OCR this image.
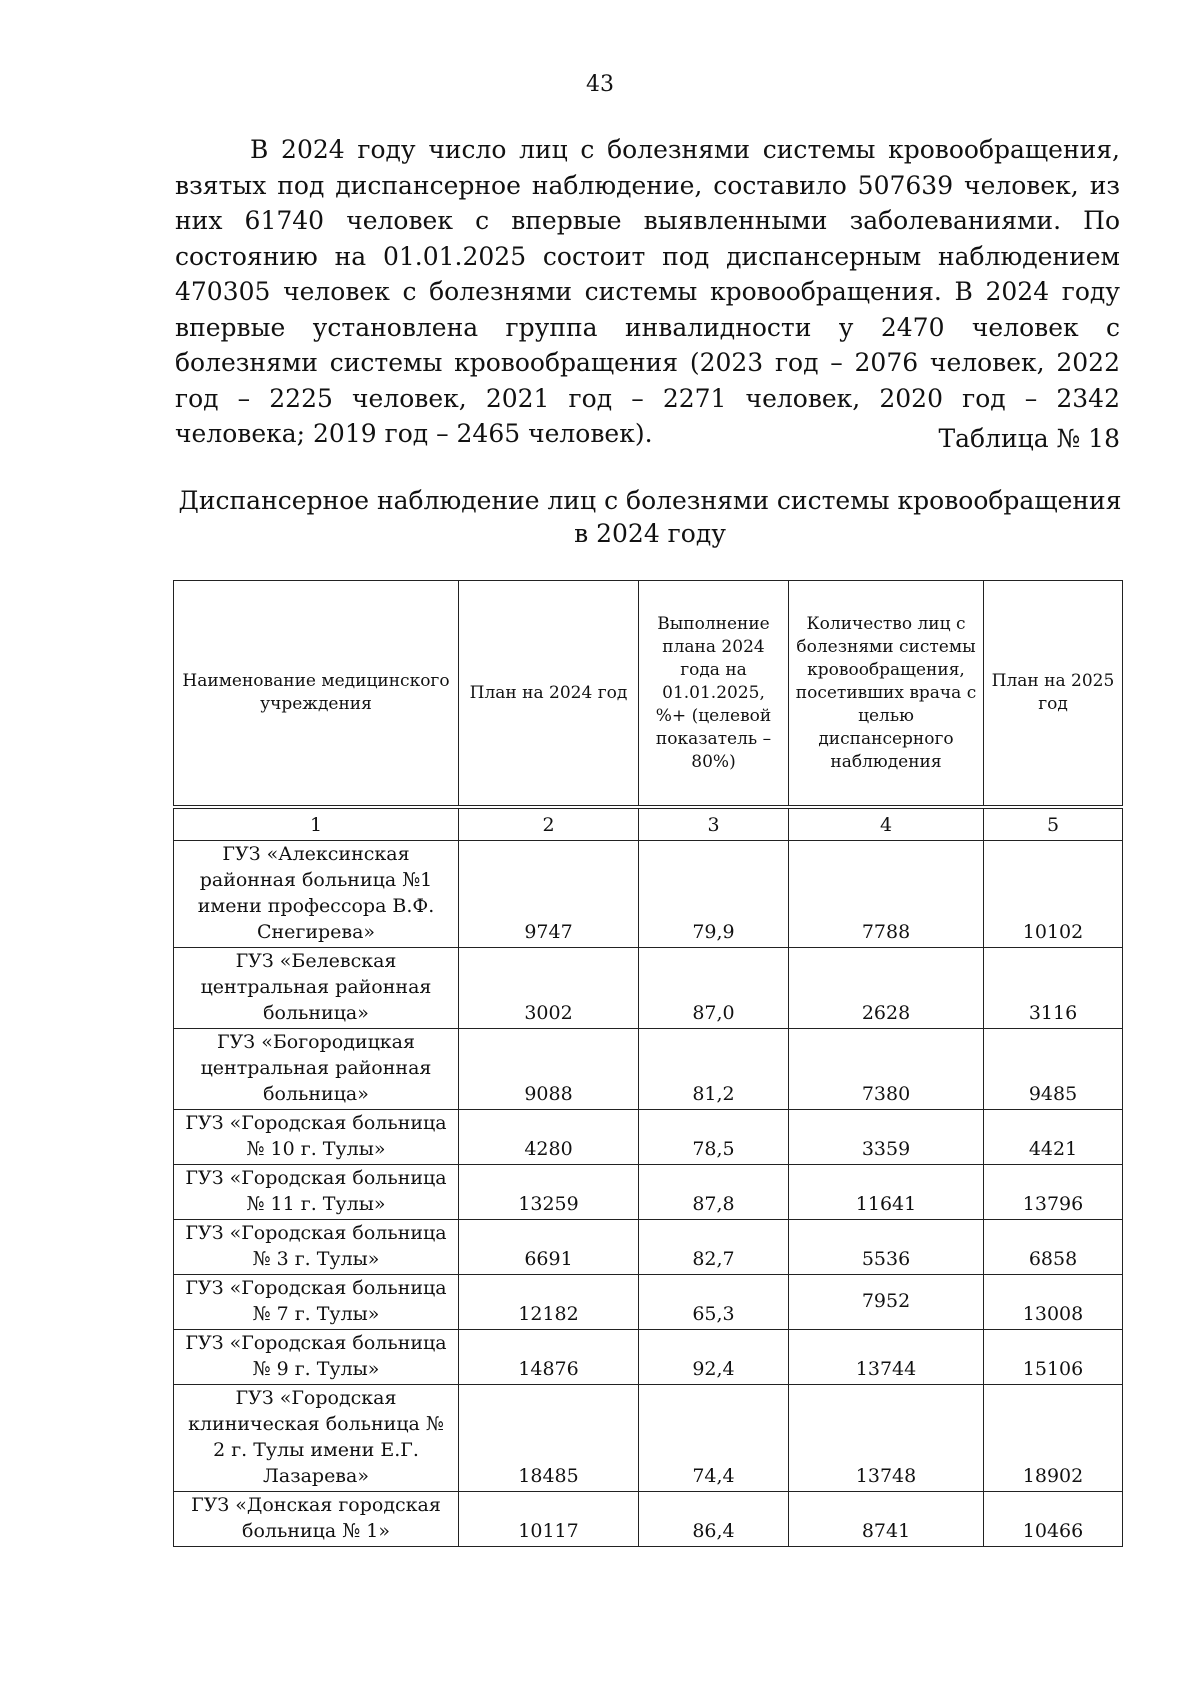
43

В 2024 году число лиц с болезнями системы кровообращения, взятых под диспансерное наблюдение, составило 507639 человек, из них 61740 человек с впервые выявленными заболеваниями. По состоянию на 01.01.2025 состоит под диспансерным наблюдением 470305 человек с болезнями системы кровообращения. В 2024 году впервые установлена группа инвалидности у 2470 человек с болезнями системы кровообращения (2023 год – 2076 человек, 2022 год – 2225 человек, 2021 год – 2271 человек, 2020 год – 2342 человека; 2019 год – 2465 человек).	Таблица № 18
Диспансерное наблюдение лиц с болезнями системы кровообращения
в 2024 году
Наименование медицинского учреждения	План на 2024 год	Выполнение плана 2024 года на 01.01.2025, %+ (целевой показатель – 80%)	Количество лиц с болезнями системы кровообращения, посетивших врача с целью диспансерного наблюдения	План на 2025 год
1	2	3	4	5
ГУЗ «Алексинская районная больница №1 имени профессора В.Ф. Снегирева»	9747	79,9	7788	10102
ГУЗ «Белевская центральная районная больница»	3002	87,0	2628	3116
ГУЗ «Богородицкая центральная районная больница»	9088	81,2	7380	9485
ГУЗ «Городская больница № 10 г. Тулы»	4280	78,5	3359	4421
ГУЗ «Городская больница № 11 г. Тулы»	13259	87,8	11641	13796
ГУЗ «Городская больница № 3 г. Тулы»	6691	82,7	5536	6858
ГУЗ «Городская больница № 7 г. Тулы»	12182	65,3	7952	13008
ГУЗ «Городская больница № 9 г. Тулы»	14876	92,4	13744	15106
ГУЗ «Городская клиническая больница № 2 г. Тулы имени Е.Г. Лазарева»	18485	74,4	13748	18902
ГУЗ «Донская городская больница № 1»	10117	86,4	8741	10466
